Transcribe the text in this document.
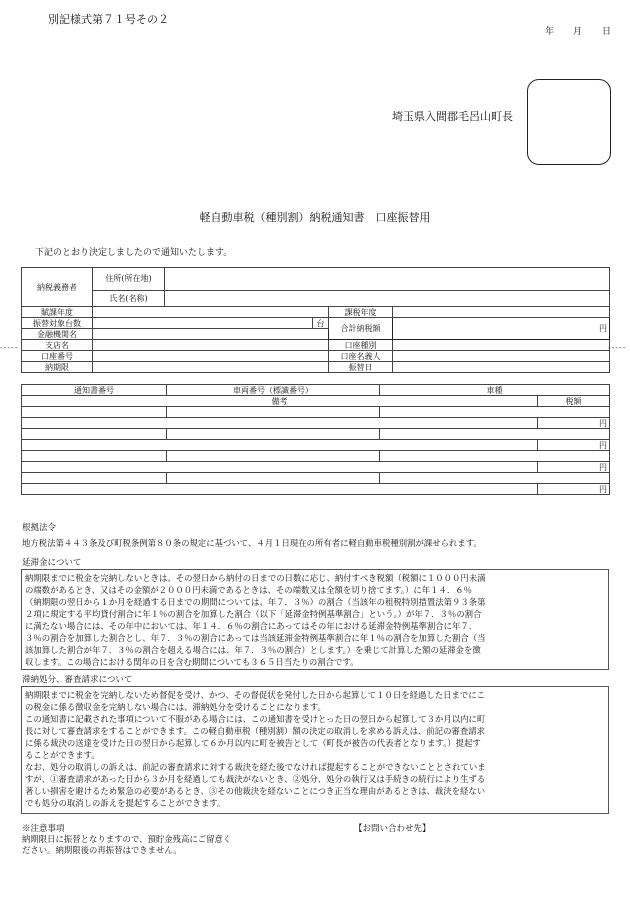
別記様式第７１号その２
年 月 日
埼玉県入間郡毛呂山町長
軽自動車税（種別割）納税通知書　口座振替用
下記のとおり決定しましたので通知いたします。
-----	-----
納税義務者	住所(所在地)				
	氏名(名称)				
賦課年度				課税年度	
振替対象台数			台	合計納税額	円
金融機関名					
支店名				口座種別	
口座番号				口座名義人	
納期限				振替日	
通知書番号	車両番号（標識番号）	車種	
備考			税額

			円

			円

			円

			円
根拠法令
地方税法第４４３条及び町税条例第８０条の規定に基づいて、４月１日現在の所有者に軽自動車税種別割が課せられます。
延滞金について
納期限までに税金を完納しないときは、その翌日から納付の日までの日数に応じ、納付すべき税額（税額に１０００円未満
の端数があるとき、又はその金額が２０００円未満であるときは、その端数又は全額を切り捨てます。）に年１４．６％
（納期限の翌日から１か月を経過する日までの期間については、年７．３％）の割合（当該年の租税特別措置法第９３条第
２項に規定する平均貸付割合に年１％の割合を加算した割合（以下「延滞金特例基準割合」という。）が年７．３％の割合
に満たない場合には、その年中においては、年１４．６％の割合にあってはその年における延滞金特例基準割合に年７．
３％の割合を加算した割合とし、年７．３％の割合にあっては当該延滞金特例基準割合に年１％の割合を加算した割合（当
該加算した割合が年７．３％の割合を超える場合には、年７．３％の割合）とします。）を乗じて計算した額の延滞金を徴
収します。この場合における閏年の日を含む期間についても３６５日当たりの割合です。
滞納処分、審査請求について
納期限までに税金を完納しないため督促を受け、かつ、その督促状を発付した日から起算して１０日を経過した日までにこ
の税金に係る徴収金を完納しない場合には、滞納処分を受けることになります。
この通知書に記載された事項について不服がある場合には、この通知書を受けとった日の翌日から起算して３か月以内に町
長に対して審査請求をすることができます。この軽自動車税（種別割）額の決定の取消しを求める訴えは、前記の審査請求
に係る裁決の送達を受けた日の翌日から起算して６か月以内に町を被告として（町長が被告の代表者となります。）提起す
ることができます。
なお、処分の取消しの訴えは、前記の審査請求に対する裁決を経た後でなければ提起することができないこととされていま
すが、①審査請求があった日から３か月を経過しても裁決がないとき、②処分、処分の執行又は手続きの続行により生ずる
著しい損害を避けるため緊急の必要があるとき、③その他裁決を経ないことにつき正当な理由があるときは、裁決を経ない
でも処分の取消しの訴えを提起することができます。
※注意事項
納期限日に振替となりますので、預貯金残高にご留意く
ださい。納期限後の再振替はできません。
【お問い合わせ先】
